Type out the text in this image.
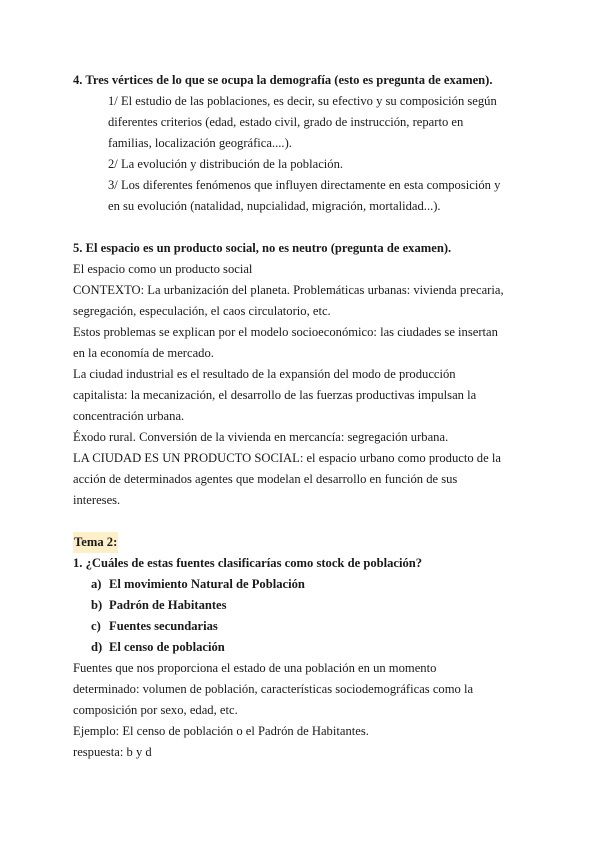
4. Tres vértices de lo que se ocupa la demografía (esto es pregunta de examen).
1/ El estudio de las poblaciones, es decir, su efectivo y su composición según
diferentes criterios (edad, estado civil, grado de instrucción, reparto en
familias, localización geográfica....).
2/ La evolución y distribución de la población.
3/ Los diferentes fenómenos que influyen directamente en esta composición y
en su evolución (natalidad, nupcialidad, migración, mortalidad...).
5. El espacio es un producto social, no es neutro (pregunta de examen).
El espacio como un producto social
CONTEXTO: La urbanización del planeta. Problemáticas urbanas: vivienda precaria,
segregación, especulación, el caos circulatorio, etc.
Estos problemas se explican por el modelo socioeconómico: las ciudades se insertan
en la economía de mercado.
La ciudad industrial es el resultado de la expansión del modo de producción
capitalista: la mecanización, el desarrollo de las fuerzas productivas impulsan la
concentración urbana.
Éxodo rural. Conversión de la vivienda en mercancía: segregación urbana.
LA CIUDAD ES UN PRODUCTO SOCIAL: el espacio urbano como producto de la
acción de determinados agentes que modelan el desarrollo en función de sus
intereses.
Tema 2:
1. ¿Cuáles de estas fuentes clasificarías como stock de población?
a) El movimiento Natural de Población
b) Padrón de Habitantes
c) Fuentes secundarias
d) El censo de población
Fuentes que nos proporciona el estado de una población en un momento
determinado: volumen de población, características sociodemográficas como la
composición por sexo, edad, etc.
Ejemplo: El censo de población o el Padrón de Habitantes.
respuesta: b y d
